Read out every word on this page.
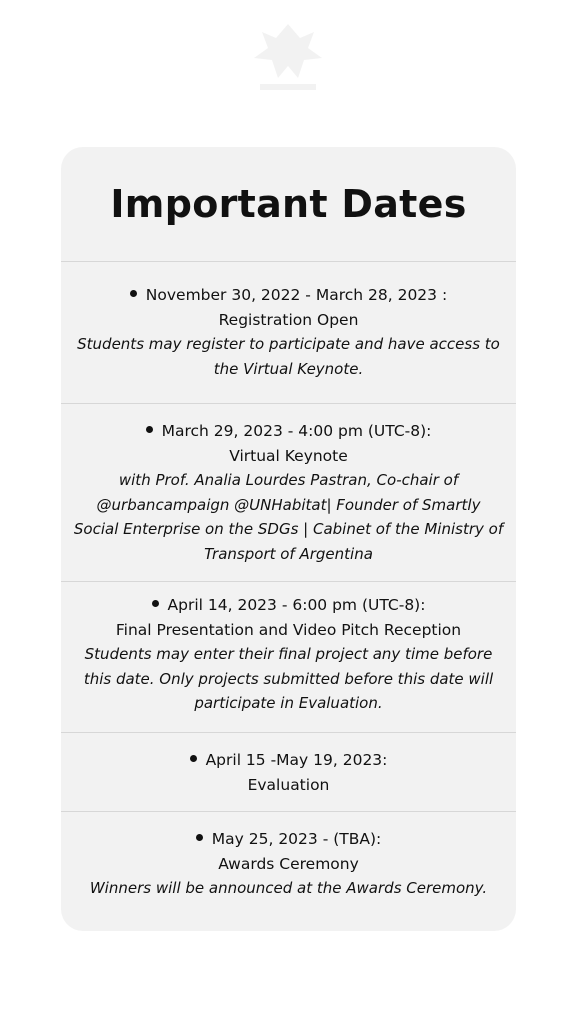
Important Dates
November 30, 2022 - March 28, 2023 :
Registration Open
Students may register to participate and have access to
the Virtual Keynote.
March 29, 2023 - 4:00 pm (UTC-8):
Virtual Keynote
with Prof. Analia Lourdes Pastran, Co-chair of
@urbancampaign @UNHabitat| Founder of Smartly
Social Enterprise on the SDGs | Cabinet of the Ministry of
Transport of Argentina
April 14, 2023 - 6:00 pm (UTC-8):
Final Presentation and Video Pitch Reception
Students may enter their final project any time before
this date. Only projects submitted before this date will
participate in Evaluation.
April 15 -May 19, 2023:
Evaluation
May 25, 2023 - (TBA):
Awards Ceremony
Winners will be announced at the Awards Ceremony.
